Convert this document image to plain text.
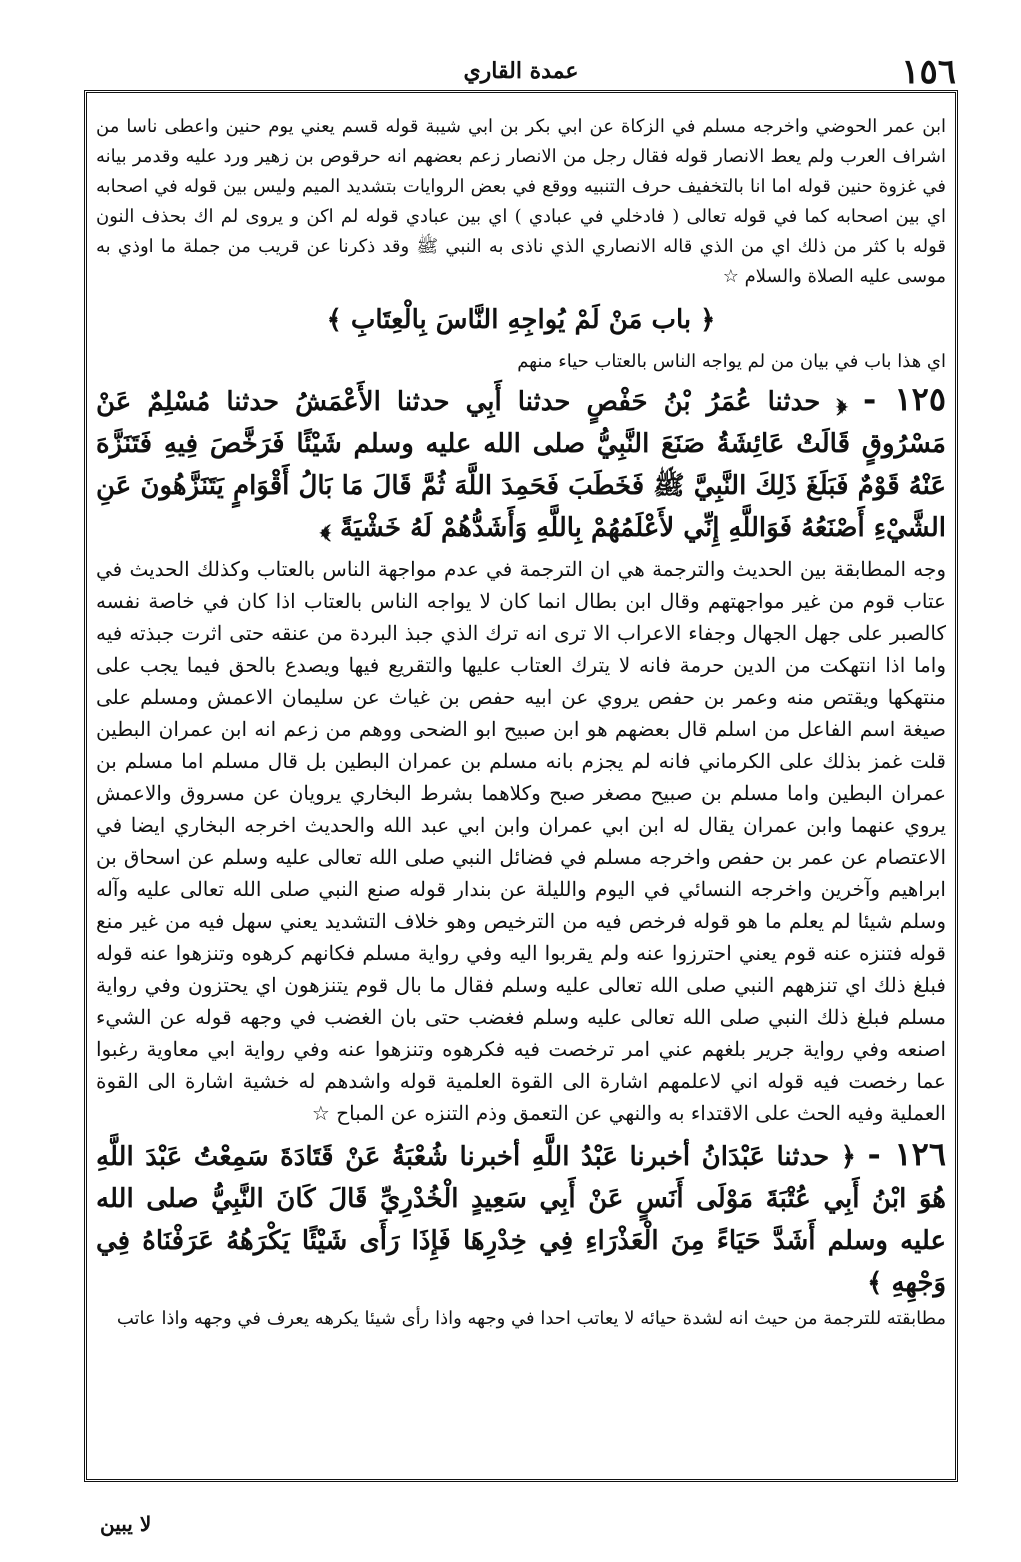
١٥٦
عمدة القاري

ابن عمر الحوضي واخرجه مسلم في الزكاة عن ابي بكر بن ابي شيبة قوله قسم يعني يوم حنين واعطى ناسا من اشراف العرب ولم يعط الانصار قوله فقال رجل من الانصار زعم بعضهم انه حرقوص بن زهير ورد عليه وقدمر بيانه في غزوة حنين قوله اما انا بالتخفيف حرف التنبيه ووقع في بعض الروايات بتشديد الميم وليس بين قوله في اصحابه اي بين اصحابه كما في قوله تعالى ( فادخلي في عبادي ) اي بين عبادي قوله لم اكن و يروى لم اك بحذف النون قوله با كثر من ذلك اي من الذي قاله الانصاري الذي ناذى به النبي ﷺ وقد ذكرنا عن قريب من جملة ما اوذي به موسى عليه الصلاة والسلام ☆

﴿ باب مَنْ لَمْ يُواجِهِ النَّاسَ بِالْعِتَابِ ﴾

اي هذا باب في بيان من لم يواجه الناس بالعتاب حياء منهم

١٢٥ - ﴿ حدثنا عُمَرُ بْنُ حَفْصٍ حدثنا أَبِي حدثنا الأَعْمَشُ حدثنا مُسْلِمٌ عَنْ مَسْرُوقٍ قَالَتْ عَائِشَةُ صَنَعَ النَّبِيُّ صلى الله عليه وسلم شَيْئًا فَرَخَّصَ فِيهِ فَتَنَزَّهَ عَنْهُ قَوْمٌ فَبَلَغَ ذَلِكَ النَّبِيَّ ﷺ فَخَطَبَ فَحَمِدَ اللَّهَ ثُمَّ قَالَ مَا بَالُ أَقْوَامٍ يَتَنَزَّهُونَ عَنِ الشَّيْءِ أَصْنَعُهُ فَوَاللَّهِ إِنِّي لأَعْلَمُهُمْ بِاللَّهِ وَأَشَدُّهُمْ لَهُ خَشْيَةً ﴾

وجه المطابقة بين الحديث والترجمة هي ان الترجمة في عدم مواجهة الناس بالعتاب وكذلك الحديث في عتاب قوم من غير مواجهتهم وقال ابن بطال انما كان لا يواجه الناس بالعتاب اذا كان في خاصة نفسه كالصبر على جهل الجهال وجفاء الاعراب الا ترى انه ترك الذي جبذ البردة من عنقه حتى اثرت جبذته فيه واما اذا انتهكت من الدين حرمة فانه لا يترك العتاب عليها والتقريع فيها ويصدع بالحق فيما يجب على منتهكها ويقتص منه وعمر بن حفص يروي عن ابيه حفص بن غياث عن سليمان الاعمش ومسلم على صيغة اسم الفاعل من اسلم قال بعضهم هو ابن صبيح ابو الضحى ووهم من زعم انه ابن عمران البطين قلت غمز بذلك على الكرماني فانه لم يجزم بانه مسلم بن عمران البطين بل قال مسلم اما مسلم بن عمران البطين واما مسلم بن صبيح مصغر صبح وكلاهما بشرط البخاري يرويان عن مسروق والاعمش يروي عنهما وابن عمران يقال له ابن ابي عمران وابن ابي عبد الله والحديث اخرجه البخاري ايضا في الاعتصام عن عمر بن حفص واخرجه مسلم في فضائل النبي صلى الله تعالى عليه وسلم عن اسحاق بن ابراهيم وآخرين واخرجه النسائي في اليوم والليلة عن بندار قوله صنع النبي صلى الله تعالى عليه وآله وسلم شيئا لم يعلم ما هو قوله فرخص فيه من الترخيص وهو خلاف التشديد يعني سهل فيه من غير منع قوله فتنزه عنه قوم يعني احترزوا عنه ولم يقربوا اليه وفي رواية مسلم فكانهم كرهوه وتنزهوا عنه قوله فبلغ ذلك اي تنزههم النبي صلى الله تعالى عليه وسلم فقال ما بال قوم يتنزهون اي يحتزون وفي رواية مسلم فبلغ ذلك النبي صلى الله تعالى عليه وسلم فغضب حتى بان الغضب في وجهه قوله عن الشيء اصنعه وفي رواية جرير بلغهم عني امر ترخصت فيه فكرهوه وتنزهوا عنه وفي رواية ابي معاوية رغبوا عما رخصت فيه قوله اني لاعلمهم اشارة الى القوة العلمية قوله واشدهم له خشية اشارة الى القوة العملية وفيه الحث على الاقتداء به والنهي عن التعمق وذم التنزه عن المباح ☆

١٢٦ - ﴿ حدثنا عَبْدَانُ أخبرنا عَبْدُ اللَّهِ أخبرنا شُعْبَةُ عَنْ قَتَادَةَ سَمِعْتُ عَبْدَ اللَّهِ هُوَ ابْنُ أَبِي عُتْبَةَ مَوْلَى أَنَسٍ عَنْ أَبِي سَعِيدٍ الْخُدْرِيِّ قَالَ كَانَ النَّبِيُّ صلى الله عليه وسلم أَشَدَّ حَيَاءً مِنَ الْعَذْرَاءِ فِي خِدْرِهَا فَإِذَا رَأَى شَيْئًا يَكْرَهُهُ عَرَفْنَاهُ فِي وَجْهِهِ ﴾

مطابقته للترجمة من حيث انه لشدة حيائه لا يعاتب احدا في وجهه واذا رأى شيئا يكرهه يعرف في وجهه واذا عاتب

لا يبين
